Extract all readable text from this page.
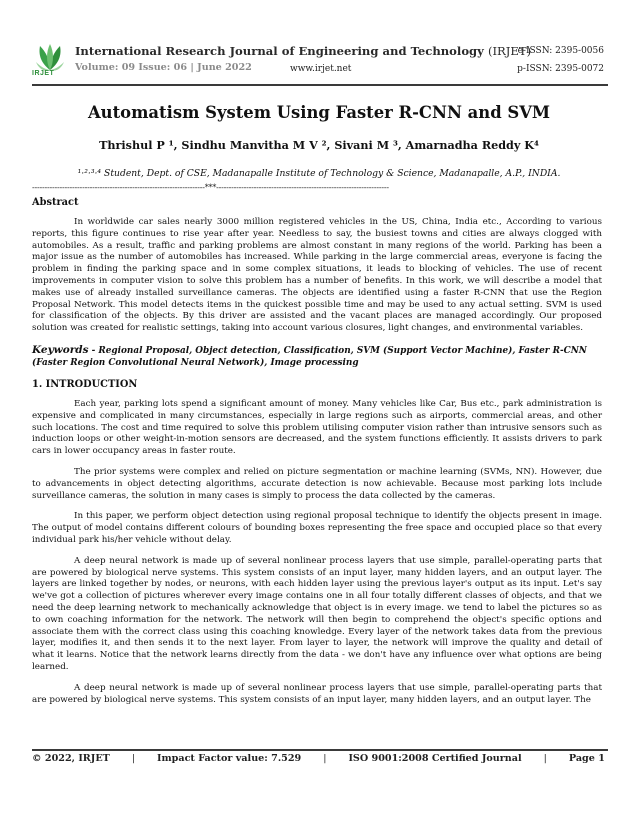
IRJET
International Research Journal of Engineering and Technology (IRJET)
e-ISSN: 2395-0056
Volume: 09 Issue: 06 | June 2022	www.irjet.net	p-ISSN: 2395-0072
Automatism System Using Faster R-CNN and SVM
Thrishul P ¹, Sindhu Manvitha M V ², Sivani M ³, Amarnadha Reddy K⁴
¹·²·³·⁴ Student, Dept. of CSE, Madanapalle Institute of Technology & Science, Madanapalle, A.P., INDIA.
---------------------------------------------------------------------***---------------------------------------------------------------------
Abstract

In worldwide car sales nearly 3000 million registered vehicles in the US, China, India etc., According to various reports, this figure continues to rise year after year. Needless to say, the busiest towns and cities are always clogged with automobiles. As a result, traffic and parking problems are almost constant in many regions of the world. Parking has been a major issue as the number of automobiles has increased. While parking in the large commercial areas, everyone is facing the problem in finding the parking space and in some complex situations, it leads to blocking of vehicles. The use of recent improvements in computer vision to solve this problem has a number of benefits. In this work, we will describe a model that makes use of already installed surveillance cameras. The objects are identified using a faster R-CNN that use the Region Proposal Network. This model detects items in the quickest possible time and may be used to any actual setting. SVM is used for classification of the objects. By this driver are assisted and the vacant places are managed accordingly. Our proposed solution was created for realistic settings, taking into account various closures, light changes, and environmental variables.

Keywords - Regional Proposal, Object detection, Classification, SVM (Support Vector Machine), Faster R-CNN (Faster Region Convolutional Neural Network), Image processing

1. INTRODUCTION

Each year, parking lots spend a significant amount of money. Many vehicles like Car, Bus etc., park administration is expensive and complicated in many circumstances, especially in large regions such as airports, commercial areas, and other such locations. The cost and time required to solve this problem utilising computer vision rather than intrusive sensors such as induction loops or other weight-in-motion sensors are decreased, and the system functions efficiently. It assists drivers to park cars in lower occupancy areas in faster route.

The prior systems were complex and relied on picture segmentation or machine learning (SVMs, NN). However, due to advancements in object detecting algorithms, accurate detection is now achievable. Because most parking lots include surveillance cameras, the solution in many cases is simply to process the data collected by the cameras.

In this paper, we perform object detection using regional proposal technique to identify the objects present in image. The output of model contains different colours of bounding boxes representing the free space and occupied place so that every individual park his/her vehicle without delay.

A deep neural network is made up of several nonlinear process layers that use simple, parallel-operating parts that are powered by biological nerve systems. This system consists of an input layer, many hidden layers, and an output layer. The layers are linked together by nodes, or neurons, with each hidden layer using the previous layer's output as its input. Let's say we've got a collection of pictures wherever every image contains one in all four totally different classes of objects, and that we need the deep learning network to mechanically acknowledge that object is in every image. we tend to label the pictures so as to own coaching information for the network. The network will then begin to comprehend the object's specific options and associate them with the correct class using this coaching knowledge. Every layer of the network takes data from the previous layer, modifies it, and then sends it to the next layer. From layer to layer, the network will improve the quality and detail of what it learns. Notice that the network learns directly from the data - we don't have any influence over what options are being learned.

A deep neural network is made up of several nonlinear process layers that use simple, parallel-operating parts that are powered by biological nerve systems. This system consists of an input layer, many hidden layers, and an output layer. The

© 2022, IRJET | Impact Factor value: 7.529 | ISO 9001:2008 Certified Journal | Page 1
